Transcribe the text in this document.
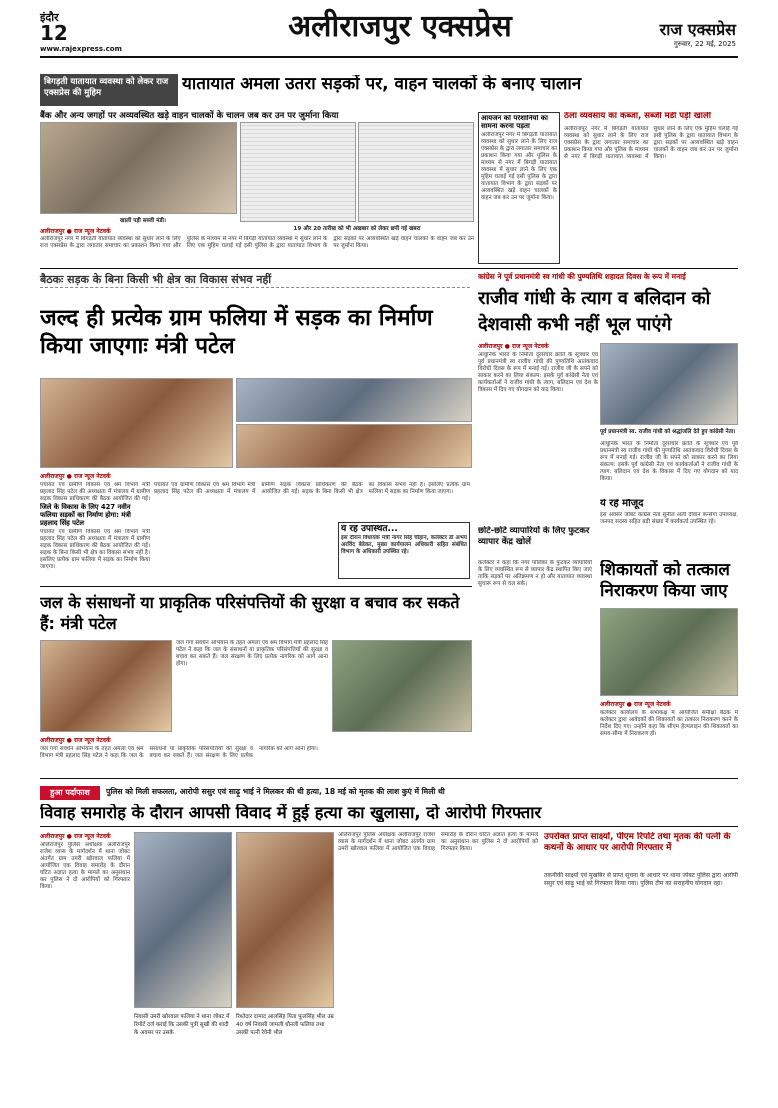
इंदौर
12
www.rajexpress.com
अलीराजपुर एक्सप्रेस	राज एक्सप्रेस
गुरुवार, 22 मई, 2025
बिगड़ती यातायात व्यवस्था को लेकर राज एक्सप्रेस की मुहिम	यातायात अमला उतरा सड़कों पर, वाहन चालकों के बनाए चालान
बैंक और अन्य जगहों पर अव्यवस्थित खड़े वाहन चालकों के चालन जब कर उन पर जुर्माना किया
खाली पड़ी सब्जी मंडी।
19 और 20 तारीख को भी अखबार को लेकर छपी गई खबरा
अलीराजपुर ● राज न्यूज नेटवर्क
अलीराजपुर नगर में बिगड़ती यातायात व्यवस्था को सुधार लाने के लिए राज एक्सप्रेस के द्वारा लगातार समाचार का प्रकाशन किया गया और पुलिस के माध्यम से नगर में बिगड़ी यातायात व्यवस्था में सुधार लाने के लिए एक मुहिम चलाई गई इसी पुलिस के द्वारा यातायात विभाग के द्वारा सड़कों पर अव्यवस्थित खड़े वाहन चालकों के वाहन जब कर उन पर जुर्माना किया।
आयजन को परेशानियों का सामना करना पड़ता
अलीराजपुर नगर में बिगड़ती यातायात व्यवस्था को सुधार लाने के लिए राज एक्सप्रेस के द्वारा लगातार समाचार का प्रकाशन किया गया और पुलिस के माध्यम से नगर में बिगड़ी यातायात व्यवस्था में सुधार लाने के लिए एक मुहिम चलाई गई इसी पुलिस के द्वारा यातायात विभाग के द्वारा सड़कों पर अव्यवस्थित खड़े वाहन चालकों के वाहन जब कर उन पर जुर्माना किया।
ठेला व्यवसाय का कब्जा, सब्जी मंडी पड़ी खाली
अलीराजपुर नगर में बिगड़ती यातायात व्यवस्था को सुधार लाने के लिए राज एक्सप्रेस के द्वारा लगातार समाचार का प्रकाशन किया गया और पुलिस के माध्यम से नगर में बिगड़ी यातायात व्यवस्था में सुधार लाने के लिए एक मुहिम चलाई गई इसी पुलिस के द्वारा यातायात विभाग के द्वारा सड़कों पर अव्यवस्थित खड़े वाहन चालकों के वाहन जब कर उन पर जुर्माना किया।
बैठकः सड़क के बिना किसी भी क्षेत्र का विकास संभव नहीं
जल्द ही प्रत्येक ग्राम फलिया में सड़क का निर्माण किया जाएगाः मंत्री पटेल
अलीराजपुर ● राज न्यूज नेटवर्क
पंचायत एवं ग्रामीण विकास एवं श्रम विभाग मंत्री प्रहलाद सिंह पटेल की अध्यक्षता में मंत्रालय में ग्रामीण सड़क विकास प्राधिकरण की बैठक आयोजित की गई।
जिले के विकास के लिए 427 नवीन फलिया सड़कों का निर्माण होगा: मंत्री प्रहलाद सिंह पटेल
पंचायत एवं ग्रामीण विकास एवं श्रम विभाग मंत्री प्रहलाद सिंह पटेल की अध्यक्षता में मंत्रालय में ग्रामीण सड़क विकास प्राधिकरण की बैठक आयोजित की गई। सड़क के बिना किसी भी क्षेत्र का विकास संभव नहीं है। इसलिए प्रत्येक ग्राम फलिया में सड़क का निर्माण किया जाएगा।
पंचायत एवं ग्रामीण विकास एवं श्रम विभाग मंत्री प्रहलाद सिंह पटेल की अध्यक्षता में मंत्रालय में ग्रामीण सड़क विकास प्राधिकरण की बैठक आयोजित की गई। सड़क के बिना किसी भी क्षेत्र का विकास संभव नहीं है। इसलिए प्रत्येक ग्राम फलिया में सड़क का निर्माण किया जाएगा।
ये रहे उपस्थित...
इस दौरान विधायक मंत्री नागर सिंह चौहान, कलेक्टर डॉ अभय अरविंद बेडेकर, मुख्य कार्यपालन अधिकारी सहित संबंधित विभाग के अधिकारी उपस्थित रहे।
कांग्रेस ने पूर्व प्रधानमंत्री स्व गांधी की पुण्यतिथि शहादत दिवस के रूप में मनाई
राजीव गांधी के त्याग व बलिदान को देशवासी कभी नहीं भूल पाएंगे
अलीराजपुर ● राज न्यूज नेटवर्क
आधुनिक भारत के निर्माता दूरसंचार क्रांति के सूत्रधार एवं पूर्व प्रधानमंत्री स्व राजीव गांधी की पुण्यतिथि आतंकवाद विरोधी दिवस के रूप में मनाई गई। राजीव जी के सपने को साकार करने का लिया संकल्प: इसके पूर्व कांग्रेसी नेता एवं कार्यकर्ताओं ने राजीव गांधी के त्याग, बलिदान एवं देश के विकास में दिए गए योगदान को याद किया।
पूर्व प्रधानमंत्री स्व. राजीव गांधी को श्रद्धांजलि देते हुए कांग्रेसी नेता।
आधुनिक भारत के निर्माता दूरसंचार क्रांति के सूत्रधार एवं पूर्व प्रधानमंत्री स्व राजीव गांधी की पुण्यतिथि आतंकवाद विरोधी दिवस के रूप में मनाई गई। राजीव जी के सपने को साकार करने का लिया संकल्प: इसके पूर्व कांग्रेसी नेता एवं कार्यकर्ताओं ने राजीव गांधी के त्याग, बलिदान एवं देश के विकास में दिए गए योगदान को याद किया।
ये रहे मौजूद
इस अवसर जोबट कांग्रेस नेता सुनील अली दीवान कन्सेगा उपाध्यक्ष, जनपद सदस्य सहित बड़ी संख्या में कार्यकर्ता उपस्थित रहे।
छोटे-छोटे व्यापारियों के लिए फुटकर व्यापार केंद्र खोलें
कलेक्टर ने कहा कि नगर पालिका के फुटकर व्यापारियों के लिए व्यवस्थित रूप से व्यापार केंद्र स्थापित किए जाएं ताकि सड़कों पर अतिक्रमण न हो और यातायात व्यवस्था सुचारू रूप से चल सके।
शिकायतों को तत्काल निराकरण किया जाए
अलीराजपुर ● राज न्यूज नेटवर्क
कलेक्टर कार्यालय के सभाकक्ष में आयोजित समीक्षा बैठक में कलेक्टर द्वारा आवेदकों की शिकायतों का तत्काल निराकरण करने के निर्देश दिए गए। उन्होंने कहा कि सीएम हेल्पलाइन की शिकायतों का समय-सीमा में निराकरण हो।
जल के संसाधनों या प्राकृतिक परिसंपत्तियों की सुरक्षा व बचाव कर सकते हैं: मंत्री पटेल
जल गंगा संवर्धन अभियान के तहत अमला एवं श्रम विभाग मंत्री प्रहलाद सिंह पटेल ने कहा कि जल के संसाधनों या प्राकृतिक परिसंपत्तियों की सुरक्षा व बचाव कर सकते हैं। जल संरक्षण के लिए प्रत्येक नागरिक को आगे आना होगा।
अलीराजपुर ● राज न्यूज नेटवर्क
जल गंगा संवर्धन अभियान के तहत अमला एवं श्रम विभाग मंत्री प्रहलाद सिंह पटेल ने कहा कि जल के संसाधनों या प्राकृतिक परिसंपत्तियों की सुरक्षा व बचाव कर सकते हैं। जल संरक्षण के लिए प्रत्येक नागरिक को आगे आना होगा।
हुआ पर्दाफाश	पुलिस को मिली सफलता, आरोपी ससुर एवं साढ़ू भाई ने मिलकर की थी हत्या, 18 मई को मृतक की लाश कुएं में मिली थी
विवाह समारोह के दौरान आपसी विवाद में हुई हत्या का खुलासा, दो आरोपी गिरफ्तार
अलीराजपुर ● राज न्यूज नेटवर्क
अलिराजपुर पुलिस अधीक्षक अलीराजपुर राजेश व्यास के मार्गदर्शन में थाना जोबट अंतर्गत ग्राम उमरी खोरवाल फलिया में आयोजित एक विवाह समारोह के दौरान घटित अज्ञात हत्या के मामले का अनुसंधान कर पुलिस ने दो आरोपियों को गिरफ्तार किया।
निवासी उमरी खोरवाल फलिया ने थाना जोबट में रिपोर्ट दर्ज कराई कि उसकी पुत्री सुखी की शादी के अवसर पर उसके
रिश्तेदार दामाद आलसिंह पिता फूलसिंह भील उम्र 40 वर्ष निवासी जामली धौनली फलिया तथा उसकी पत्नी रेवेनी भील
अलिराजपुर पुलिस अधीक्षक अलीराजपुर राजेश व्यास के मार्गदर्शन में थाना जोबट अंतर्गत ग्राम उमरी खोरवाल फलिया में आयोजित एक विवाह समारोह के दौरान घटित अज्ञात हत्या के मामले का अनुसंधान कर पुलिस ने दो आरोपियों को गिरफ्तार किया।
उपरोक्त प्राप्त साक्ष्यों, पीएम रिपोर्ट तथा मृतक की पत्नी के कथनों के आधार पर आरोपी गिरफ्तार में
तकनीकी साक्ष्यों एवं मुखबिर से प्राप्त सूचना के आधार पर थाना जोबट पुलिस द्वारा आरोपी ससुर एवं साढ़ू भाई को गिरफ्तार किया गया। पुलिस टीम का सराहनीय योगदान रहा।
